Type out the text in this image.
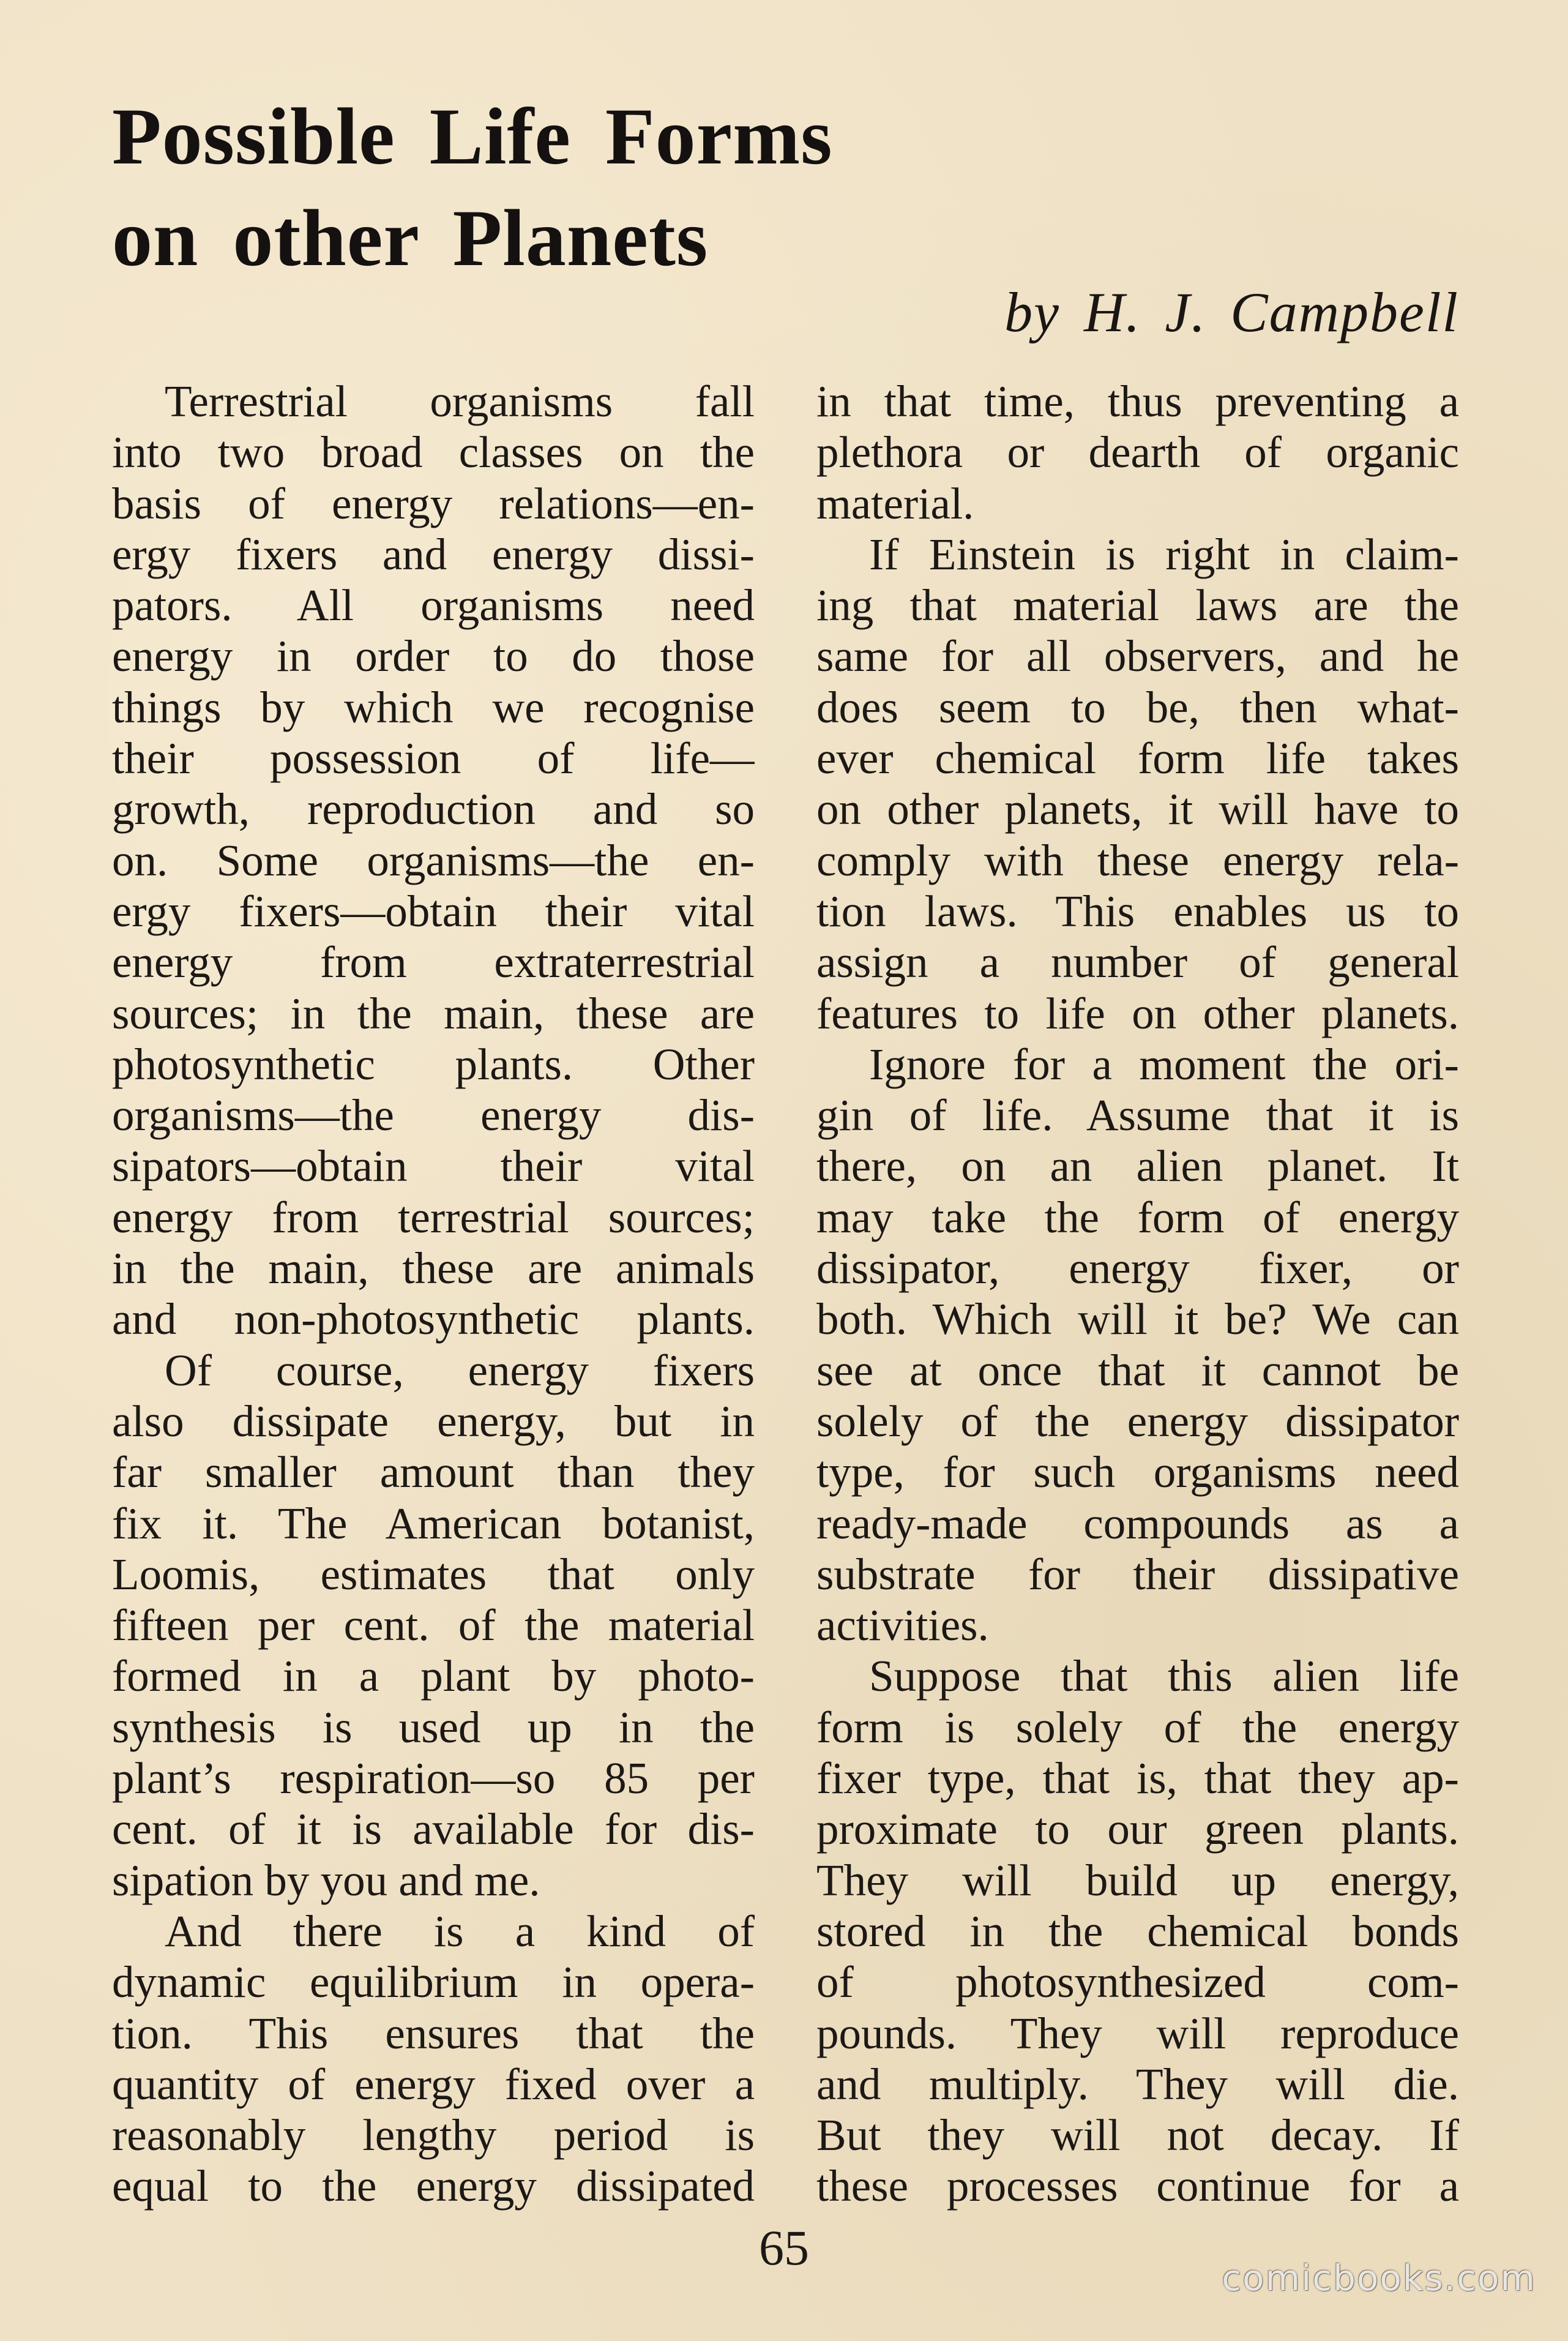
Possible Life Forms
on other Planets

by H. J. Campbell

Terrestrial organisms fall
into two broad classes on the
basis of energy relations—en-
ergy fixers and energy dissi-
pators. All organisms need
energy in order to do those
things by which we recognise
their possession of life—
growth, reproduction and so
on. Some organisms—the en-
ergy fixers—obtain their vital
energy from extraterrestrial
sources; in the main, these are
photosynthetic plants. Other
organisms—the energy dis-
sipators—obtain their vital
energy from terrestrial sources;
in the main, these are animals
and non-photosynthetic plants.
Of course, energy fixers
also dissipate energy, but in
far smaller amount than they
fix it. The American botanist,
Loomis, estimates that only
fifteen per cent. of the material
formed in a plant by photo-
synthesis is used up in the
plant’s respiration—so 85 per
cent. of it is available for dis-
sipation by you and me.
And there is a kind of
dynamic equilibrium in opera-
tion. This ensures that the
quantity of energy fixed over a
reasonably lengthy period is
equal to the energy dissipated
in that time, thus preventing a
plethora or dearth of organic
material.
If Einstein is right in claim-
ing that material laws are the
same for all observers, and he
does seem to be, then what-
ever chemical form life takes
on other planets, it will have to
comply with these energy rela-
tion laws. This enables us to
assign a number of general
features to life on other planets.
Ignore for a moment the ori-
gin of life. Assume that it is
there, on an alien planet. It
may take the form of energy
dissipator, energy fixer, or
both. Which will it be? We can
see at once that it cannot be
solely of the energy dissipator
type, for such organisms need
ready-made compounds as a
substrate for their dissipative
activities.
Suppose that this alien life
form is solely of the energy
fixer type, that is, that they ap-
proximate to our green plants.
They will build up energy,
stored in the chemical bonds
of photosynthesized com-
pounds. They will reproduce
and multiply. They will die.
But they will not decay. If
these processes continue for a
65
comicbooks.com
